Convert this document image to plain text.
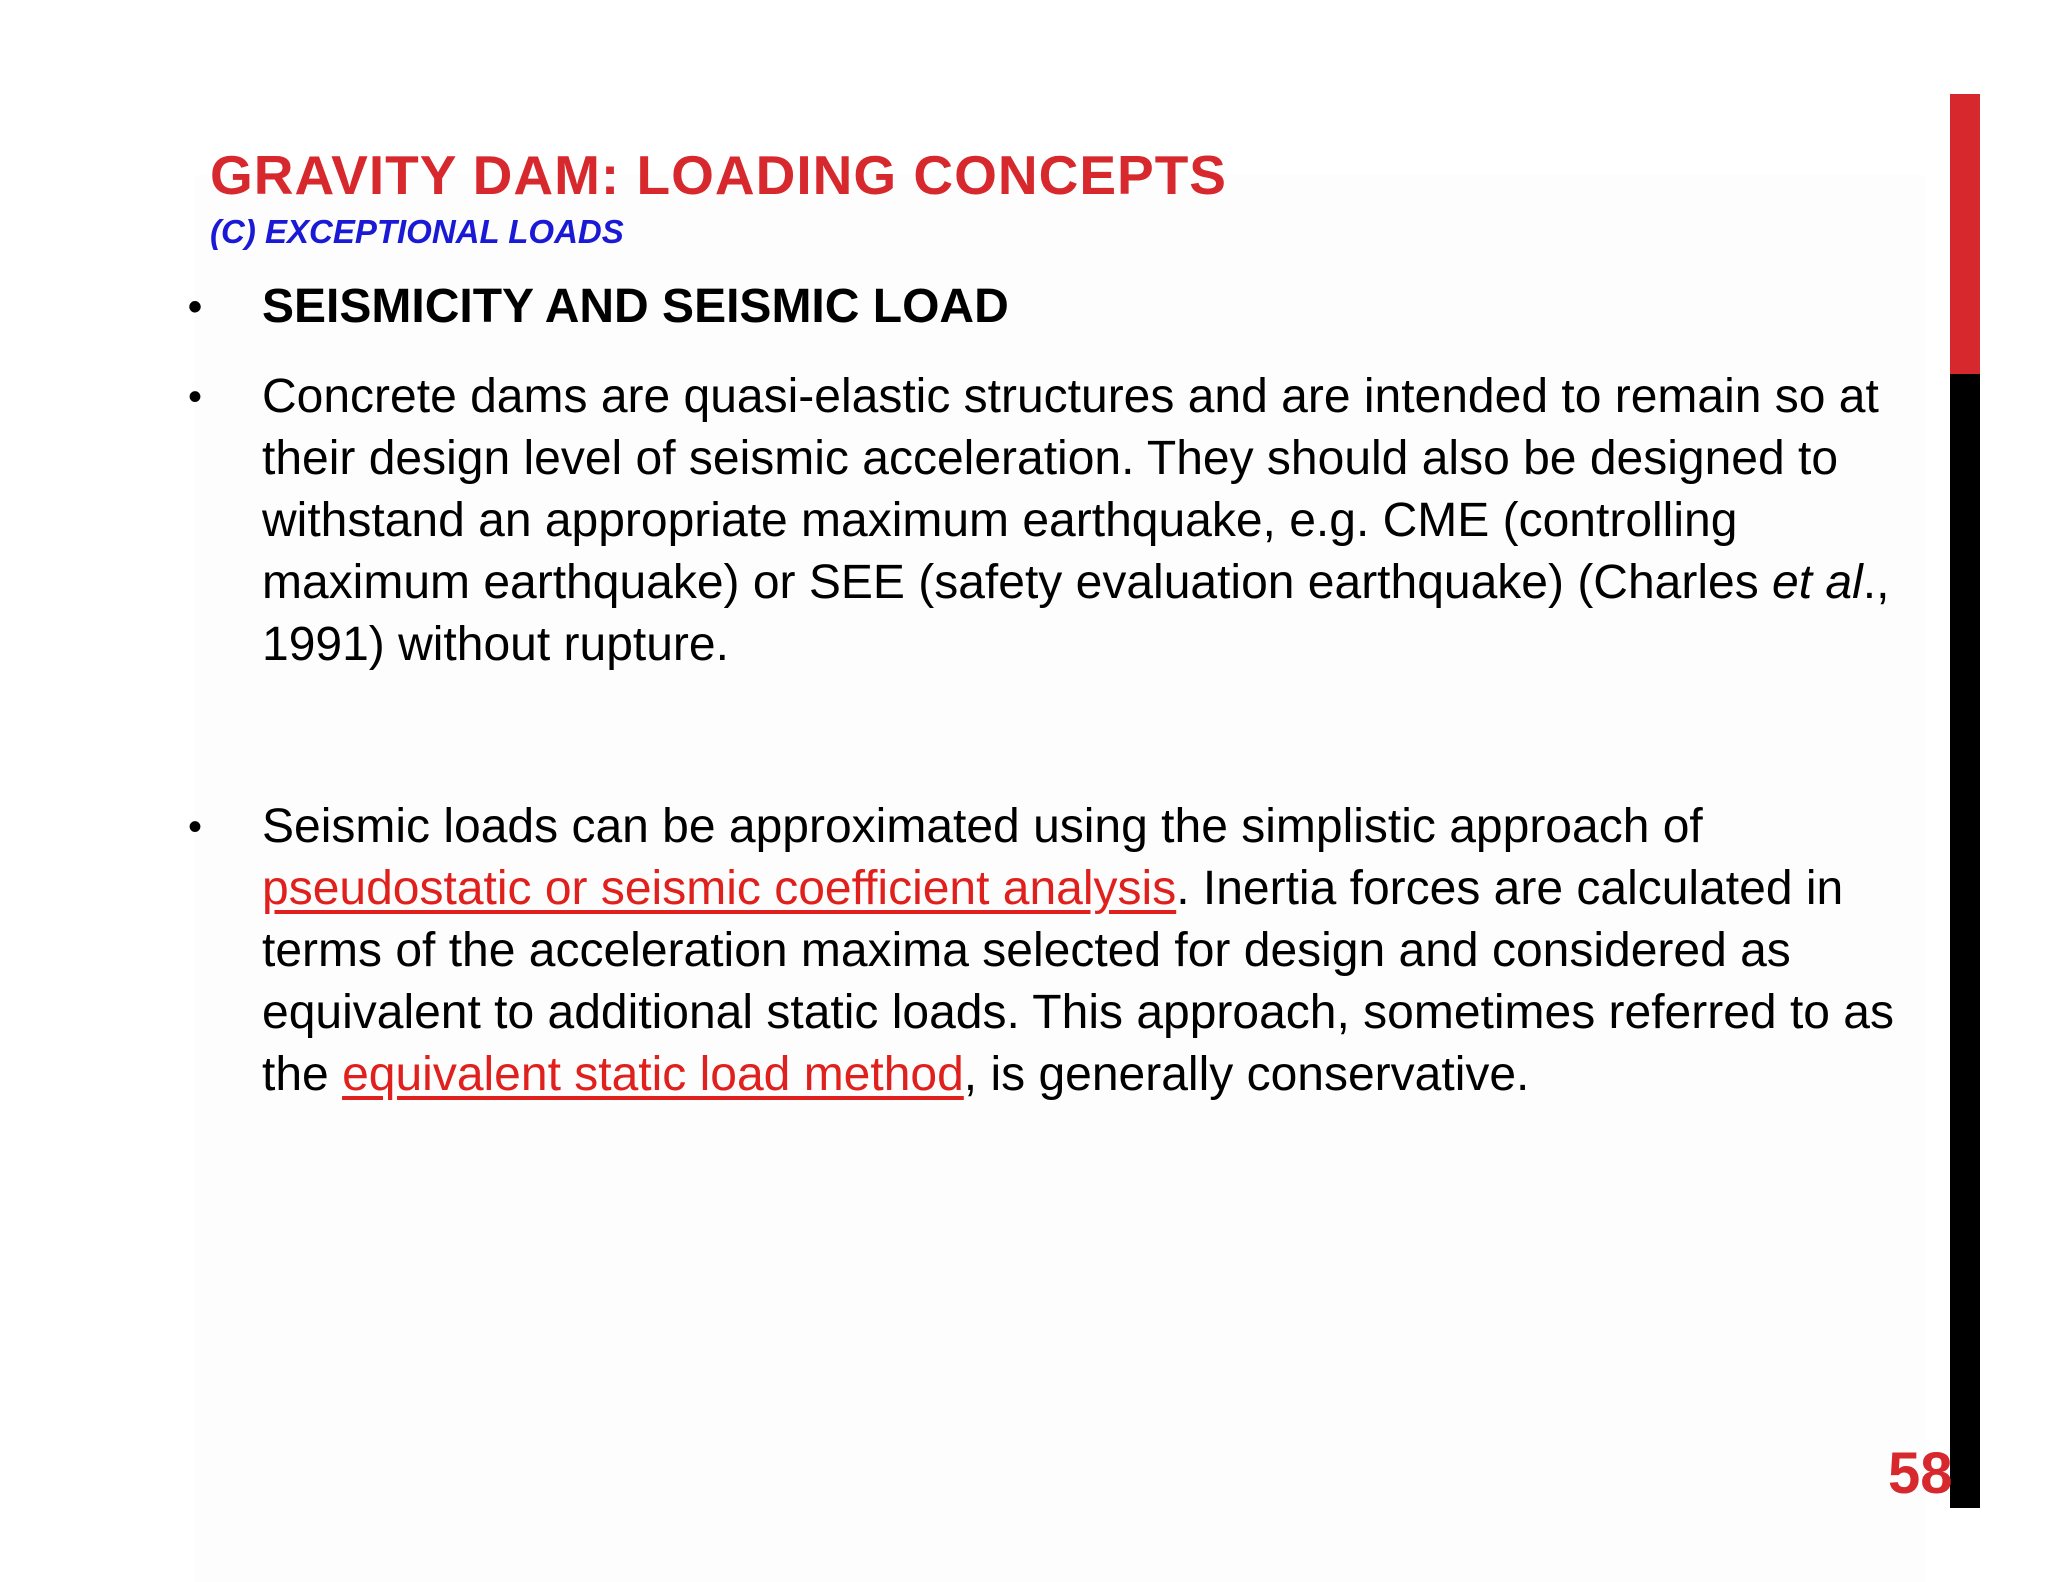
GRAVITY DAM: LOADING CONCEPTS
(C) EXCEPTIONAL LOADS
• SEISMICITY AND SEISMIC LOAD
• Concrete dams are quasi-elastic structures and are intended to remain so at their design level of seismic acceleration. They should also be designed to withstand an appropriate maximum earthquake, e.g. CME (controlling maximum earthquake) or SEE (safety evaluation earthquake) (Charles et al., 1991) without rupture.
• Seismic loads can be approximated using the simplistic approach of pseudostatic or seismic coefficient analysis. Inertia forces are calculated in terms of the acceleration maxima selected for design and considered as equivalent to additional static loads. This approach, sometimes referred to as the equivalent static load method, is generally conservative.
58
